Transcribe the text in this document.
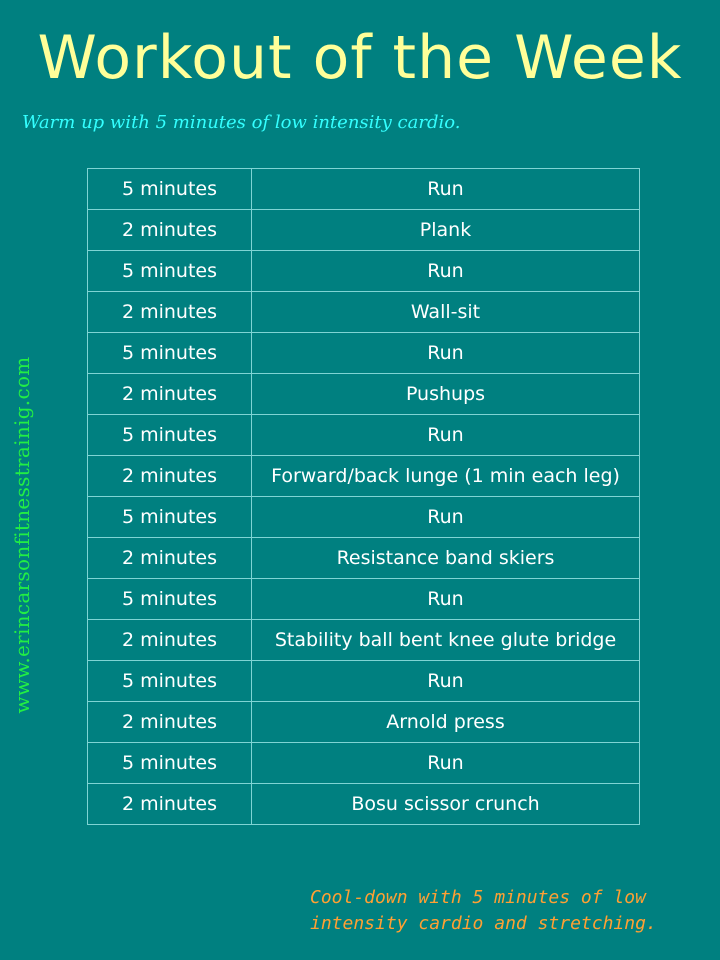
Workout of the Week
Warm up with 5 minutes of low intensity cardio.
www.erincarsonfitnesstrainig.com
5 minutes	Run
2 minutes	Plank
5 minutes	Run
2 minutes	Wall-sit
5 minutes	Run
2 minutes	Pushups
5 minutes	Run
2 minutes	Forward/back lunge (1 min each leg)
5 minutes	Run
2 minutes	Resistance band skiers
5 minutes	Run
2 minutes	Stability ball bent knee glute bridge
5 minutes	Run
2 minutes	Arnold press
5 minutes	Run
2 minutes	Bosu scissor crunch
Cool-down with 5 minutes of low intensity cardio and stretching.
